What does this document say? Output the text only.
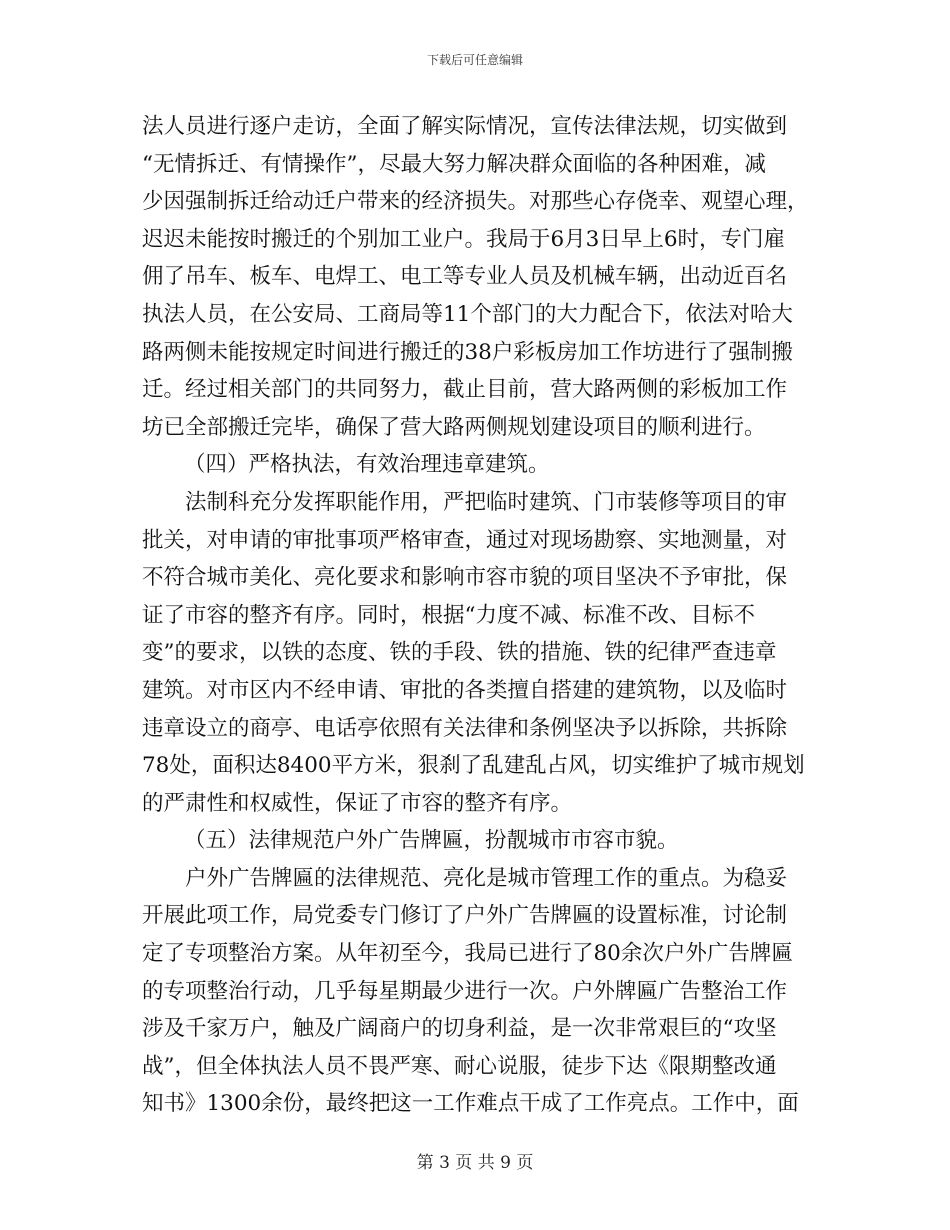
下载后可任意编辑
法人员进行逐户走访，全面了解实际情况，宣传法律法规，切实做到
“无情拆迁、有情操作”，尽最大努力解决群众面临的各种困难，减
少因强制拆迁给动迁户带来的经济损失。对那些心存侥幸、观望心理，
迟迟未能按时搬迁的个别加工业户。我局于6月3日早上6时，专门雇
佣了吊车、板车、电焊工、电工等专业人员及机械车辆，出动近百名
执法人员，在公安局、工商局等11个部门的大力配合下，依法对哈大
路两侧未能按规定时间进行搬迁的38户彩板房加工作坊进行了强制搬
迁。经过相关部门的共同努力，截止目前，营大路两侧的彩板加工作
坊已全部搬迁完毕，确保了营大路两侧规划建设项目的顺利进行。
（四）严格执法，有效治理违章建筑。
法制科充分发挥职能作用，严把临时建筑、门市装修等项目的审
批关，对申请的审批事项严格审查，通过对现场勘察、实地测量，对
不符合城市美化、亮化要求和影响市容市貌的项目坚决不予审批，保
证了市容的整齐有序。同时，根据“力度不减、标准不改、目标不
变”的要求，以铁的态度、铁的手段、铁的措施、铁的纪律严查违章
建筑。对市区内不经申请、审批的各类擅自搭建的建筑物，以及临时
违章设立的商亭、电话亭依照有关法律和条例坚决予以拆除，共拆除
78处，面积达8400平方米，狠刹了乱建乱占风，切实维护了城市规划
的严肃性和权威性，保证了市容的整齐有序。
（五）法律规范户外广告牌匾，扮靓城市市容市貌。
户外广告牌匾的法律规范、亮化是城市管理工作的重点。为稳妥
开展此项工作，局党委专门修订了户外广告牌匾的设置标准，讨论制
定了专项整治方案。从年初至今，我局已进行了80余次户外广告牌匾
的专项整治行动，几乎每星期最少进行一次。户外牌匾广告整治工作
涉及千家万户，触及广阔商户的切身利益，是一次非常艰巨的“攻坚
战”，但全体执法人员不畏严寒、耐心说服，徒步下达《限期整改通
知书》1300余份，最终把这一工作难点干成了工作亮点。工作中，面
第 3 页 共 9 页
